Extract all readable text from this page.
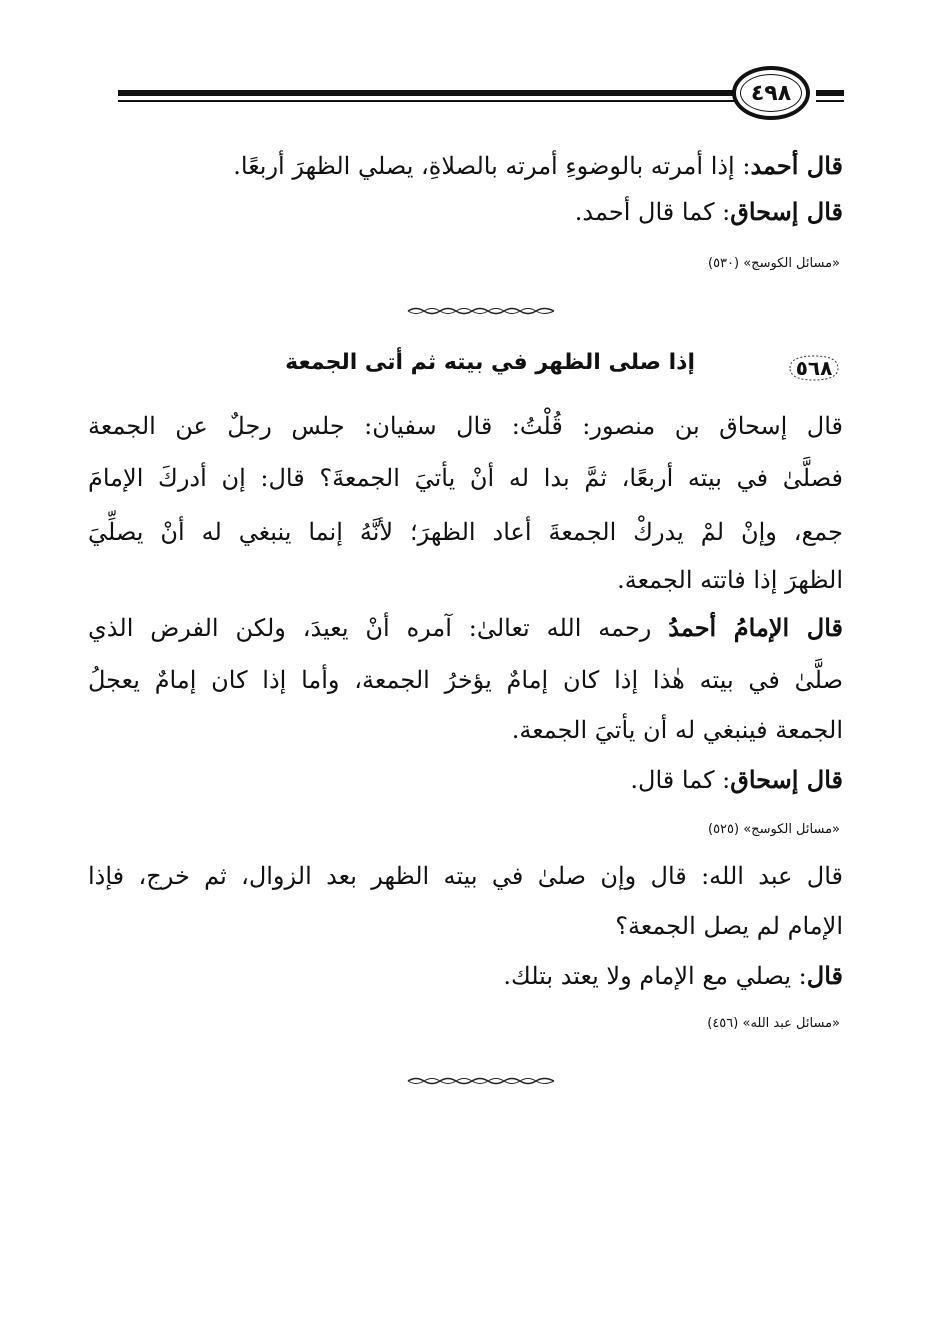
٤٩٨
قال أحمد: إذا أمرته بالوضوءِ أمرته بالصلاةِ، يصلي الظهرَ أربعًا.
قال إسحاق: كما قال أحمد.
«مسائل الكوسج» (٥٣٠)
٥٦٨
إذا صلى الظهر في بيته ثم أتى الجمعة
قال إسحاق بن منصور: قُلْتُ: قال سفيان: جلس رجلٌ عن الجمعة
فصلَّىٰ في بيته أربعًا، ثمَّ بدا له أنْ يأتيَ الجمعةَ؟ قال: إن أدركَ الإمامَ
جمع، وإنْ لمْ يدركْ الجمعةَ أعاد الظهرَ؛ لأنَّهُ إنما ينبغي له أنْ يصلِّيَ
الظهرَ إذا فاتته الجمعة.
قال الإمامُ أحمدُ رحمه الله تعالىٰ: آمره أنْ يعيدَ، ولكن الفرض الذي
صلَّىٰ في بيته هٰذا إذا كان إمامٌ يؤخرُ الجمعة، وأما إذا كان إمامٌ يعجلُ
الجمعة فينبغي له أن يأتيَ الجمعة.
قال إسحاق: كما قال.
«مسائل الكوسج» (٥٢٥)
قال عبد الله: قال وإن صلىٰ في بيته الظهر بعد الزوال، ثم خرج، فإذا
الإمام لم يصل الجمعة؟
قال: يصلي مع الإمام ولا يعتد بتلك.
«مسائل عبد الله» (٤٥٦)
